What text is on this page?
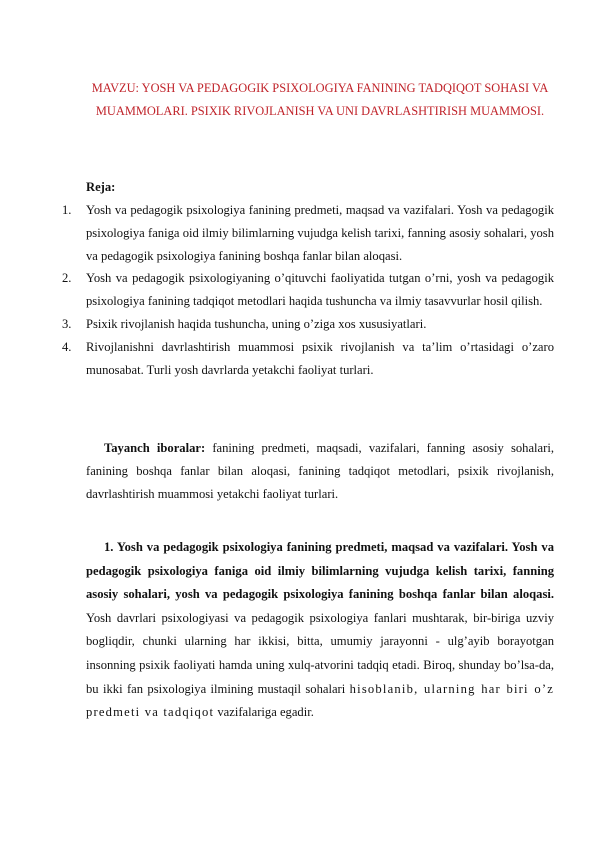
MAVZU: YOSH VA PEDAGOGIK PSIXOLOGIYA FANINING TADQIQOT SOHASI VA MUAMMOLARI. PSIXIK RIVOJLANISH VA UNI DAVRLASHTIRISH MUAMMOSI.
Reja:
1. Yosh va pedagogik psixologiya fanining predmeti, maqsad va vazifalari. Yosh va pedagogik psixologiya faniga oid ilmiy bilimlarning vujudga kelish tarixi, fanning asosiy sohalari, yosh va pedagogik psixologiya fanining boshqa fanlar bilan aloqasi.
2. Yosh va pedagogik psixologiyaning o’qituvchi faoliyatida tutgan o’rni, yosh va pedagogik psixologiya fanining tadqiqot metodlari haqida tushuncha va ilmiy tasavvurlar hosil qilish.
3. Psixik rivojlanish haqida tushuncha, uning o’ziga xos xususiyatlari.
4. Rivojlanishni davrlashtirish muammosi psixik rivojlanish va ta’lim o’rtasidagi o’zaro munosabat. Turli yosh davrlarda yetakchi faoliyat turlari.

Tayanch iboralar: fanining predmeti, maqsadi, vazifalari, fanning asosiy sohalari, fanining boshqa fanlar bilan aloqasi, fanining tadqiqot metodlari, psixik rivojlanish, davrlashtirish muammosi yetakchi faoliyat turlari.

1. Yosh va pedagogik psixologiya fanining predmeti, maqsad va vazifalari. Yosh va pedagogik psixologiya faniga oid ilmiy bilimlarning vujudga kelish tarixi, fanning asosiy sohalari, yosh va pedagogik psixologiya fanining boshqa fanlar bilan aloqasi. Yosh davrlari psixologiyasi va pedagogik psixologiya fanlari mushtarak, bir-biriga uzviy bogliqdir, chunki ularning har ikkisi, bitta, umumiy jarayonni - ulg’ayib borayotgan insonning psixik faoliyati hamda uning xulq-atvorini tadqiq etadi. Biroq, shunday bo’lsa-da, bu ikki fan psixologiya ilmining mustaqil sohalari hisoblanib, ularning har biri o’z predmeti va tadqiqot vazifalariga egadir.
